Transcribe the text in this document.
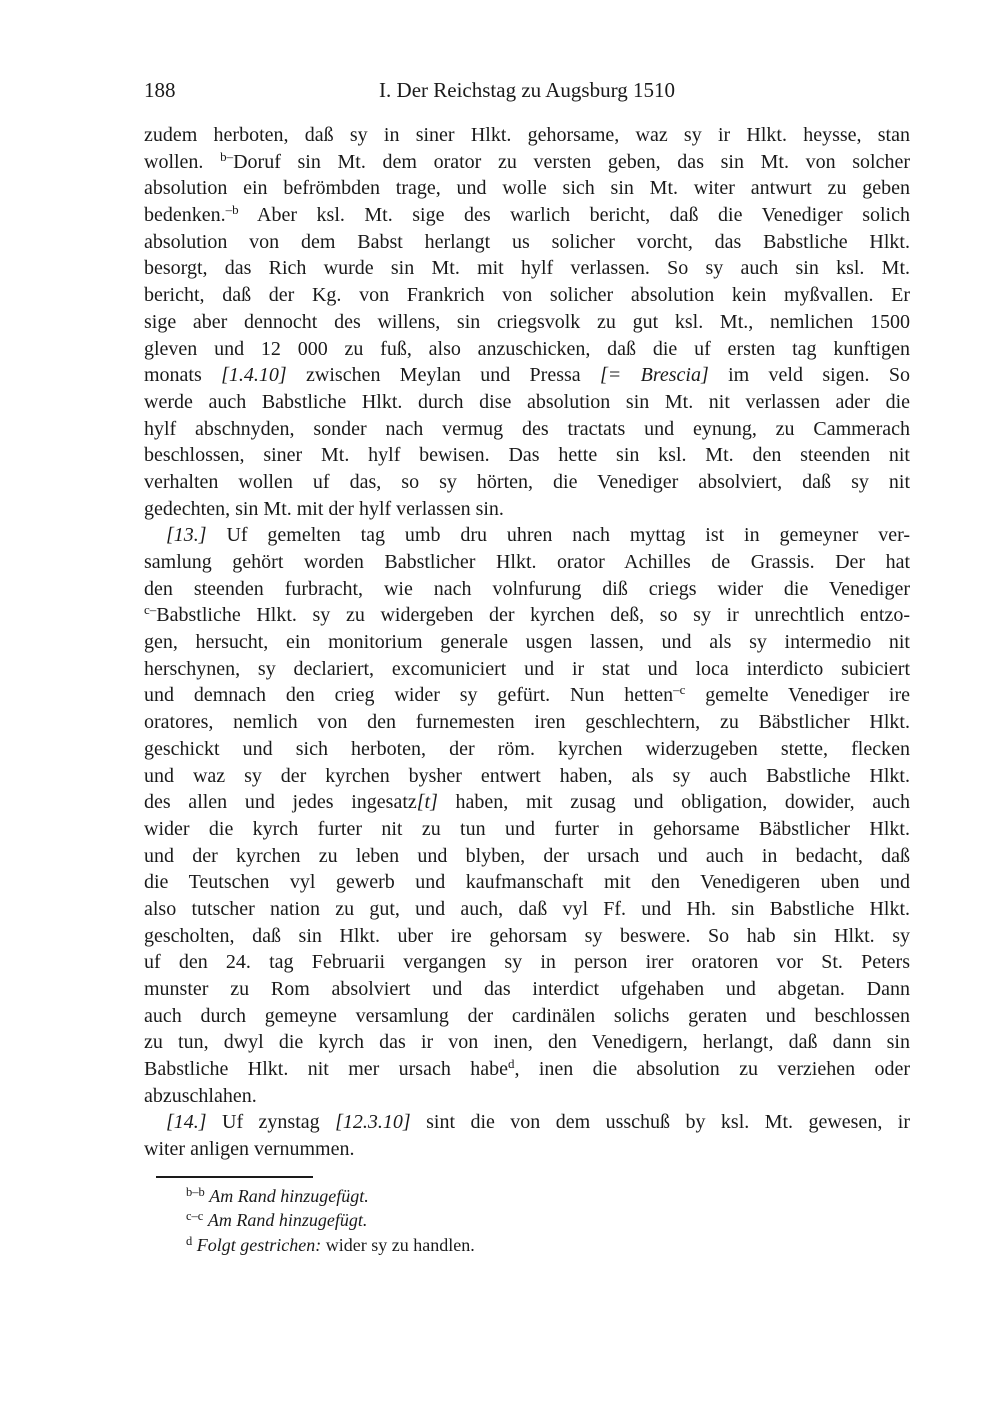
188	I. Der Reichstag zu Augsburg 1510
zudem herboten, daß sy in siner Hlkt. gehorsame, waz sy ir Hlkt. heysse, stan
wollen. $^{b-}$Doruf sin Mt. dem orator zu versten geben, das sin Mt. von solcher
absolution ein befrömbden trage, und wolle sich sin Mt. witer antwurt zu geben
bedenken.$^{-b}$ Aber ksl. Mt. sige des warlich bericht, daß die Venediger solich
absolution von dem Babst herlangt us solicher vorcht, das Babstliche Hlkt.
besorgt, das Rich wurde sin Mt. mit hylf verlassen. So sy auch sin ksl. Mt.
bericht, daß der Kg. von Frankrich von solicher absolution kein myßvallen. Er
sige aber dennocht des willens, sin criegsvolk zu gut ksl. Mt., nemlichen 1500
gleven und 12 000 zu fuß, also anzuschicken, daß die uf ersten tag kunftigen
monats [1.4.10] zwischen Meylan und Pressa [= Brescia] im veld sigen. So
werde auch Babstliche Hlkt. durch dise absolution sin Mt. nit verlassen ader die
hylf abschnyden, sonder nach vermug des tractats und eynung, zu Cammerach
beschlossen, siner Mt. hylf bewisen. Das hette sin ksl. Mt. den steenden nit
verhalten wollen uf das, so sy hörten, die Venediger absolviert, daß sy nit
gedechten, sin Mt. mit der hylf verlassen sin.
[13.] Uf gemelten tag umb dru uhren nach myttag ist in gemeyner ver-
samlung gehört worden Babstlicher Hlkt. orator Achilles de Grassis. Der hat
den steenden furbracht, wie nach volnfurung diß criegs wider die Venediger
$^{c-}$Babstliche Hlkt. sy zu widergeben der kyrchen deß, so sy ir unrechtlich entzo-
gen, hersucht, ein monitorium generale usgen lassen, und als sy intermedio nit
herschynen, sy declariert, excomuniciert und ir stat und loca interdicto subiciert
und demnach den crieg wider sy gefürt. Nun hetten$^{-c}$ gemelte Venediger ire
oratores, nemlich von den furnemesten iren geschlechtern, zu Bäbstlicher Hlkt.
geschickt und sich herboten, der röm. kyrchen widerzugeben stette, flecken
und waz sy der kyrchen bysher entwert haben, als sy auch Babstliche Hlkt.
des allen und jedes ingesatz[t] haben, mit zusag und obligation, dowider, auch
wider die kyrch furter nit zu tun und furter in gehorsame Bäbstlicher Hlkt.
und der kyrchen zu leben und blyben, der ursach und auch in bedacht, daß
die Teutschen vyl gewerb und kaufmanschaft mit den Venedigeren uben und
also tutscher nation zu gut, und auch, daß vyl Ff. und Hh. sin Babstliche Hlkt.
gescholten, daß sin Hlkt. uber ire gehorsam sy beswere. So hab sin Hlkt. sy
uf den 24. tag Februarii vergangen sy in person irer oratoren vor St. Peters
munster zu Rom absolviert und das interdict ufgehaben und abgetan. Dann
auch durch gemeyne versamlung der cardinälen solichs geraten und beschlossen
zu tun, dwyl die kyrch das ir von inen, den Venedigern, herlangt, daß dann sin
Babstliche Hlkt. nit mer ursach habe$^d$, inen die absolution zu verziehen oder
abzuschlahen.
[14.] Uf zynstag [12.3.10] sint die von dem usschuß by ksl. Mt. gewesen, ir
witer anligen vernummen.
$^{b-b}$ Am Rand hinzugefügt.
$^{c-c}$ Am Rand hinzugefügt.
$^d$ Folgt gestrichen: wider sy zu handlen.
